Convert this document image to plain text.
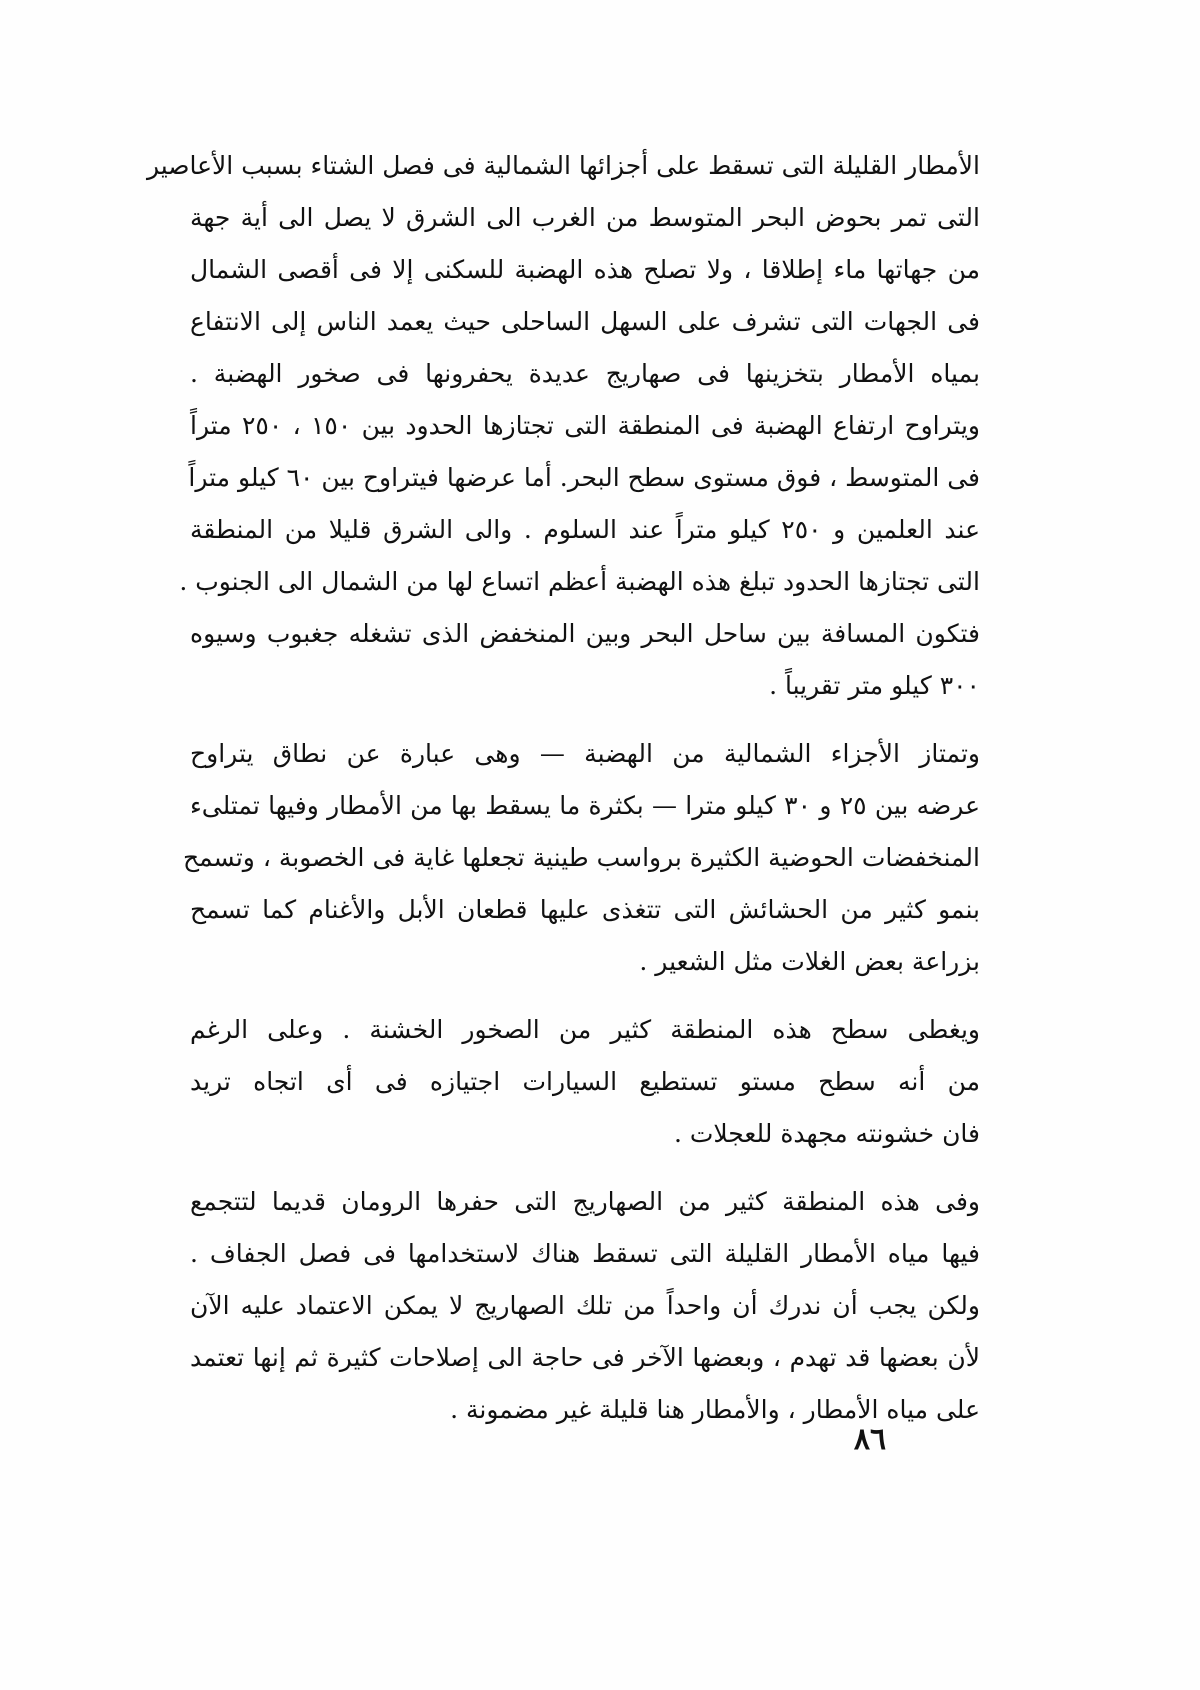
الأمطار القليلة التى تسقط على أجزائها الشمالية فى فصل الشتاء بسبب الأعاصير
التى تمر بحوض البحر المتوسط من الغرب الى الشرق لا يصل الى أية جهة
من جهاتها ماء إطلاقا ، ولا تصلح هذه الهضبة للسكنى إلا فى أقصى الشمال
فى الجهات التى تشرف على السهل الساحلى حيث يعمد الناس إلى الانتفاع
بمياه الأمطار بتخزينها فى صهاريج عديدة يحفرونها فى صخور الهضبة .
ويتراوح ارتفاع الهضبة فى المنطقة التى تجتازها الحدود بين ١٥٠ ، ٢٥٠ متراً
فى المتوسط ، فوق مستوى سطح البحر. أما عرضها فيتراوح بين ٦٠ كيلو متراً
عند العلمين و ٢٥٠ كيلو متراً عند السلوم . والى الشرق قليلا من المنطقة
التى تجتازها الحدود تبلغ هذه الهضبة أعظم اتساع لها من الشمال الى الجنوب .
فتكون المسافة بين ساحل البحر وبين المنخفض الذى تشغله جغبوب وسيوه
٣٠٠ كيلو متر تقريباً .
وتمتاز الأجزاء الشمالية من الهضبة — وهى عبارة عن نطاق يتراوح
عرضه بين ٢٥ و ٣٠ كيلو مترا — بكثرة ما يسقط بها من الأمطار وفيها تمتلىء
المنخفضات الحوضية الكثيرة برواسب طينية تجعلها غاية فى الخصوبة ، وتسمح
بنمو كثير من الحشائش التى تتغذى عليها قطعان الأبل والأغنام كما تسمح
بزراعة بعض الغلات مثل الشعير .
ويغطى سطح هذه المنطقة كثير من الصخور الخشنة . وعلى الرغم
من أنه سطح مستو تستطيع السيارات اجتيازه فى أى اتجاه تريد
فان خشونته مجهدة للعجلات .
وفى هذه المنطقة كثير من الصهاريج التى حفرها الرومان قديما لتتجمع
فيها مياه الأمطار القليلة التى تسقط هناك لاستخدامها فى فصل الجفاف .
ولكن يجب أن ندرك أن واحداً من تلك الصهاريج لا يمكن الاعتماد عليه الآن
لأن بعضها قد تهدم ، وبعضها الآخر فى حاجة الى إصلاحات كثيرة ثم إنها تعتمد
على مياه الأمطار ، والأمطار هنا قليلة غير مضمونة .
٨٦
